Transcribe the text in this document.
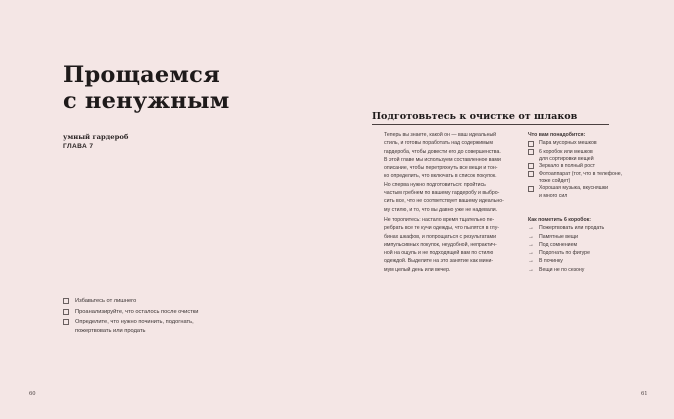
Прощаемся
с ненужным
умный гардероб
ГЛАВА 7
Избавьтесь от лишнего
Проанализируйте, что осталось после очистки
Определите, что нужно починить, подогнать,
пожертвовать или продать
60
Подготовьтесь к очистке от шлаков
Теперь вы знаете, какой он — ваш идеальный
стиль, и готовы поработать над содержимым
гардероба, чтобы довести его до совершенства.
В этой главе мы используем составленное вами
описание, чтобы перетряхнуть все вещи и тон-
ко определить, что включать в список покупок.
Но сперва нужно подготовиться: пройтись
частым гребнем по вашему гардеробу и выбро-
сить все, что не соответствует вашему идеально-
му стилю, и то, что вы давно уже не надевали.
Не торопитесь: настало время тщательно пе-
ребрать все те кучи одежды, что пылятся в глу-
бинах шкафов, и попрощаться с результатами
импульсивных покупок, неудобной, непрактич-
ной на ощупь и не подходящей вам по стилю
одеждой. Выделите на это занятие как мини-
мум целый день или вечер.
Что вам понадобится:
Пара мусорных мешков
6 коробок или мешков
для сортировки вещей
Зеркало в полный рост
Фотоаппарат (тот, что в телефоне,
тоже сойдет)
Хорошая музыка, вкусняшки
и много сил
Как пометить 6 коробок:
→ Пожертвовать или продать
→ Памятные вещи
→ Под сомнением
→ Подогнать по фигуре
→ В починку
→ Вещи не по сезону
61
